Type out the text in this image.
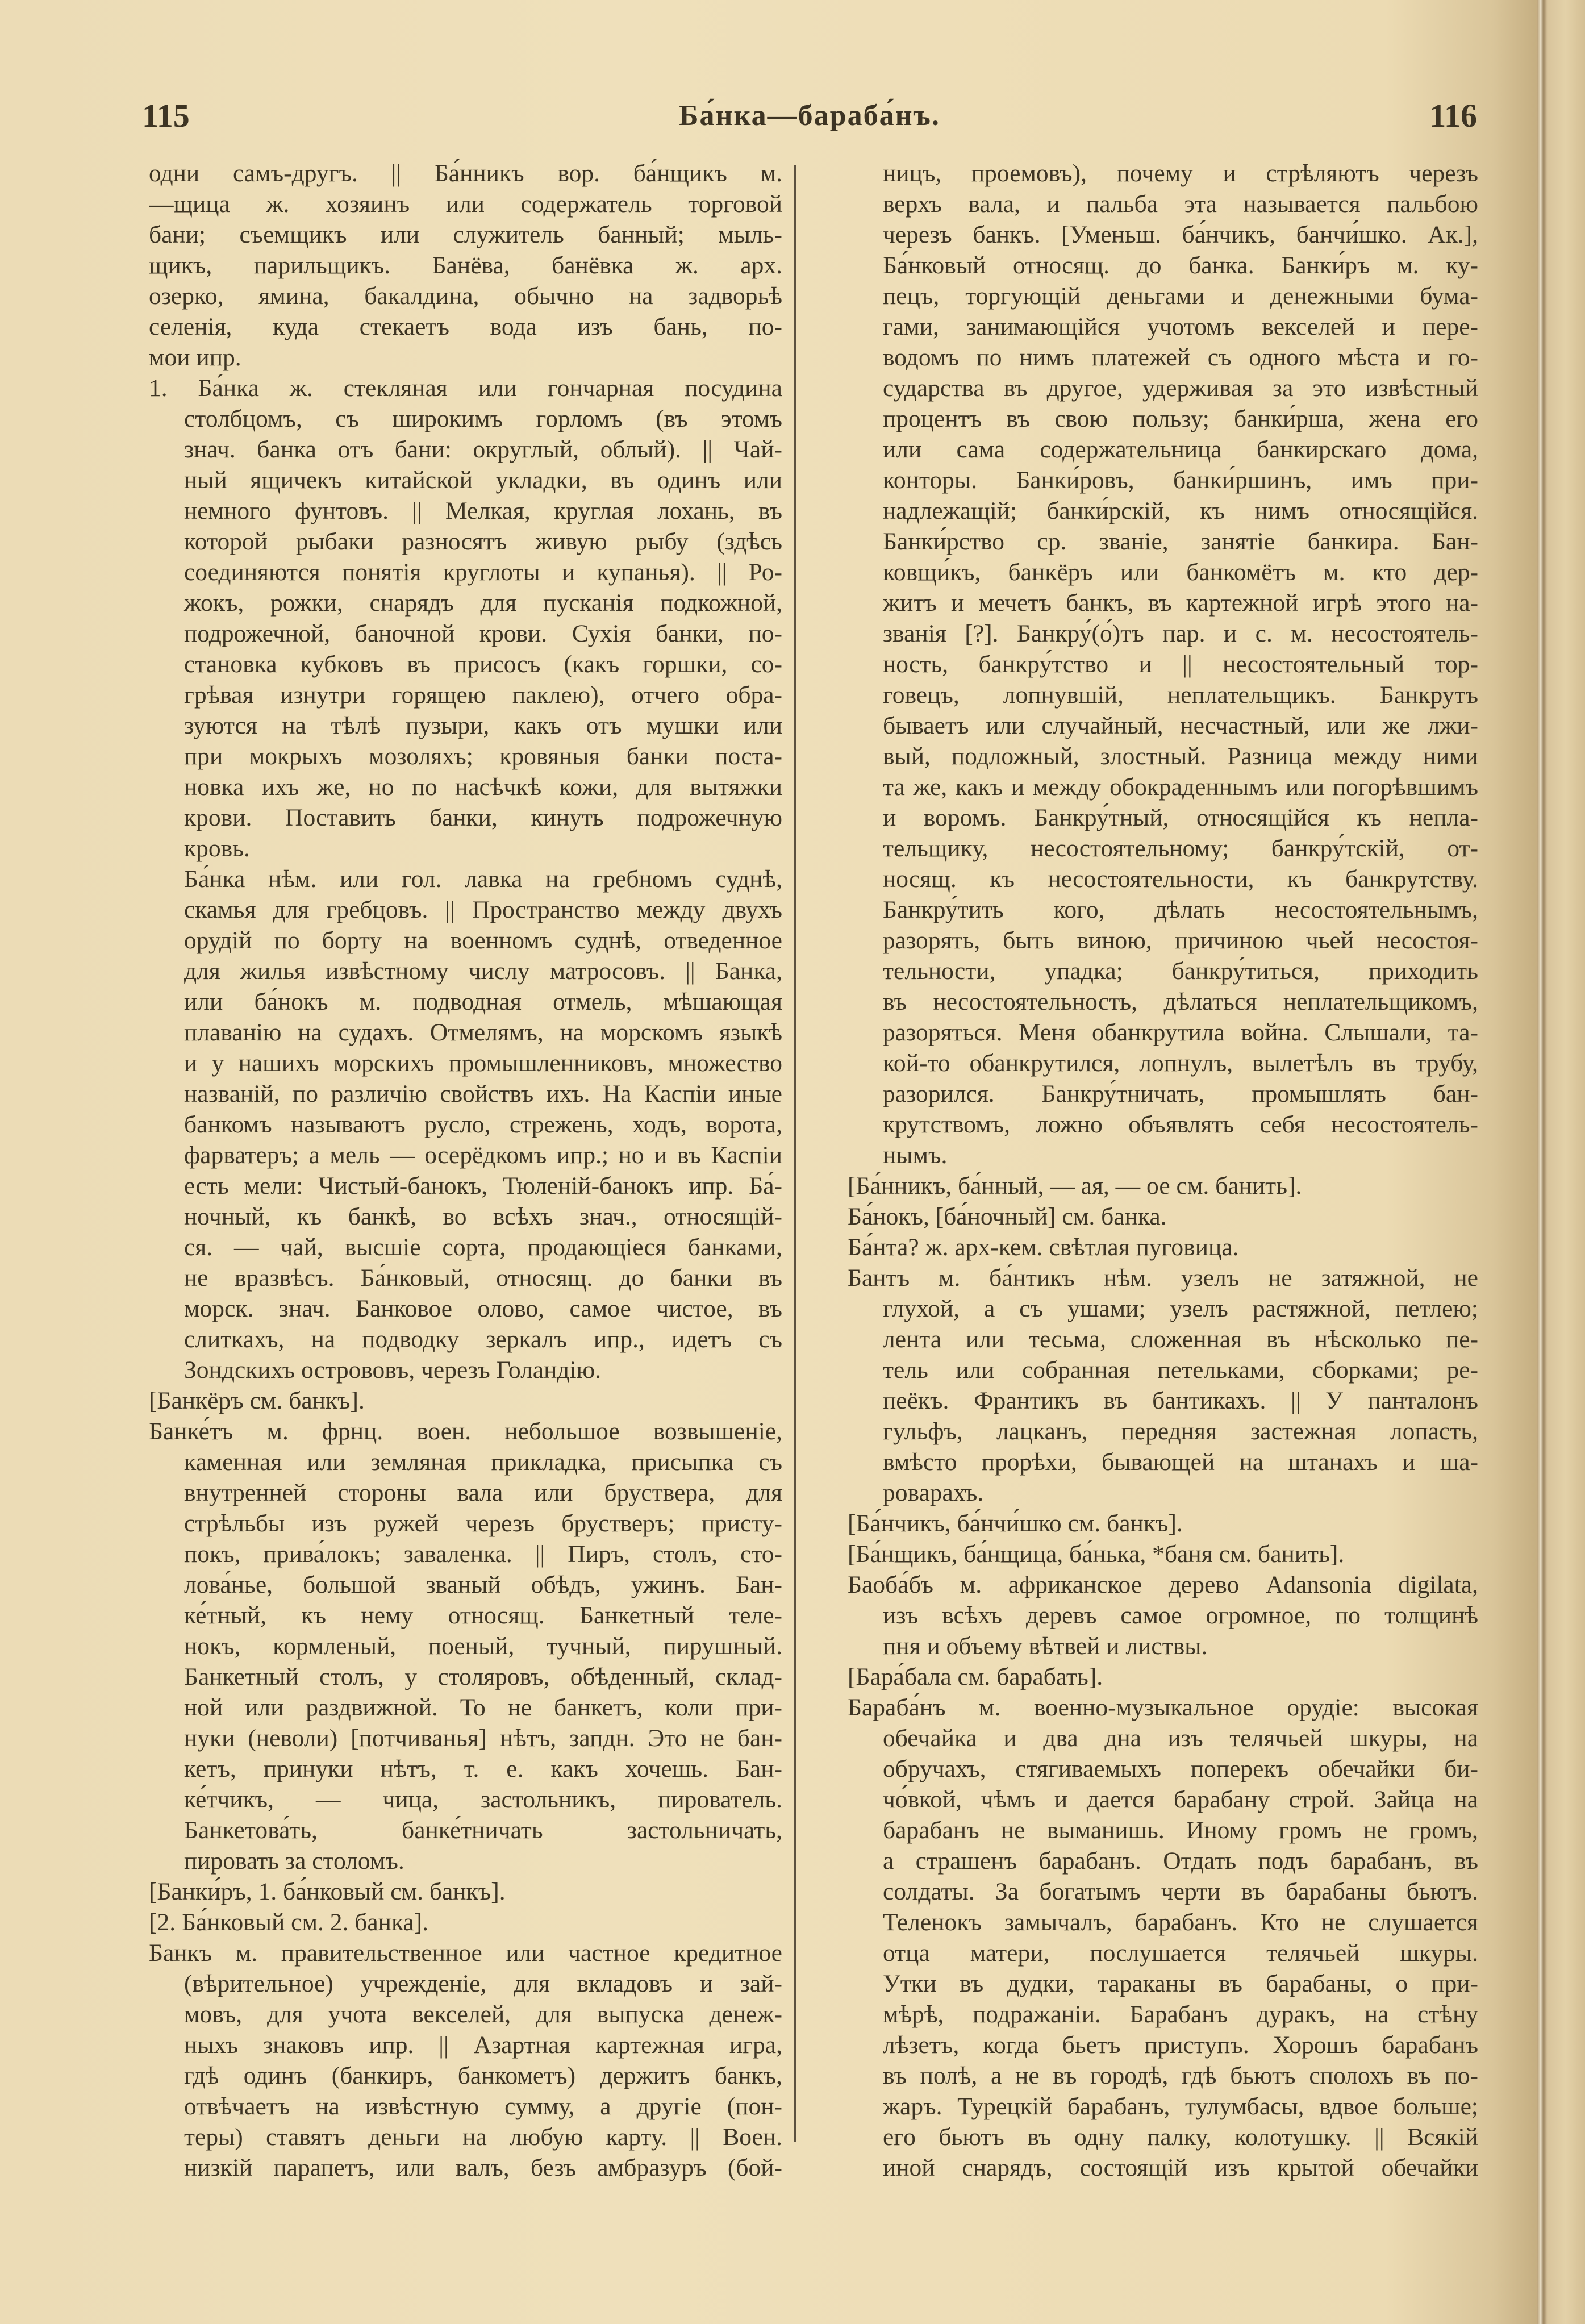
115	Ба́нка—бараба́нъ.	116
одни самъ-другъ. || Ба́нникъ вор. ба́нщикъ м.
—щица ж. хозяинъ или содержатель торговой
бани; съемщикъ или служитель банный; мыль-
щикъ, парильщикъ. Банёва, банёвка ж. арх.
озерко, ямина, бакалдина, обычно на задворьѣ
селенія, куда стекаетъ вода изъ бань, по-
мои ипр.
1. Ба́нка ж. стекляная или гончарная посудина
столбцомъ, съ широкимъ горломъ (въ этомъ
знач. банка отъ бани: округлый, облый). || Чай-
ный ящичекъ китайской укладки, въ одинъ или
немного фунтовъ. || Мелкая, круглая лохань, въ
которой рыбаки разносятъ живую рыбу (здѣсь
соединяются понятія круглоты и купанья). || Ро-
жокъ, рожки, снарядъ для пусканія подкожной,
подрожечной, баночной крови. Сухія банки, по-
становка кубковъ въ присосъ (какъ горшки, со-
грѣвая изнутри горящею паклею), отчего обра-
зуются на тѣлѣ пузыри, какъ отъ мушки или
при мокрыхъ мозоляхъ; кровяныя банки поста-
новка ихъ же, но по насѣчкѣ кожи, для вытяжки
крови. Поставить банки, кинуть подрожечную
кровь.
Ба́нка нѣм. или гол. лавка на гребномъ суднѣ,
скамья для гребцовъ. || Пространство между двухъ
орудій по борту на военномъ суднѣ, отведенное
для жилья извѣстному числу матросовъ. || Банка,
или ба́нокъ м. подводная отмель, мѣшающая
плаванію на судахъ. Отмелямъ, на морскомъ языкѣ
и у нашихъ морскихъ промышленниковъ, множество
названій, по различію свойствъ ихъ. На Каспіи иные
банкомъ называютъ русло, стрежень, ходъ, ворота,
фарватеръ; а мель — осерёдкомъ ипр.; но и въ Каспіи
есть мели: Чистый-банокъ, Тюленій-банокъ ипр. Ба́-
ночный, къ банкѣ, во всѣхъ знач., относящій-
ся. — чай, высшіе сорта, продающіеся банками,
не вразвѣсъ. Ба́нковый, относящ. до банки въ
морск. знач. Банковое олово, самое чистое, въ
слиткахъ, на подводку зеркалъ ипр., идетъ съ
Зондскихъ острововъ, черезъ Голандію.
[Банкёръ см. банкъ].
Банке́тъ м. фрнц. воен. небольшое возвышеніе,
каменная или земляная прикладка, присыпка съ
внутренней стороны вала или бруствера, для
стрѣльбы изъ ружей черезъ брустверъ; присту-
покъ, прива́локъ; заваленка. || Пиръ, столъ, сто-
лова́нье, большой званый обѣдъ, ужинъ. Бан-
ке́тный, къ нему относящ. Банкетный теле-
нокъ, кормленый, поеный, тучный, пирушный.
Банкетный столъ, у столяровъ, обѣденный, склад-
ной или раздвижной. То не банкетъ, коли при-
нуки (неволи) [потчиванья] нѣтъ, запдн. Это не бан-
кетъ, принуки нѣтъ, т. е. какъ хочешь. Бан-
ке́тчикъ, — чица, застольникъ, пирователь.
Банкетова́ть, банке́тничать застольничать,
пировать за столомъ.
[Банки́ръ, 1. ба́нковый см. банкъ].
[2. Ба́нковый см. 2. банка].
Банкъ м. правительственное или частное кредитное
(вѣрительное) учрежденіе, для вкладовъ и зай-
мовъ, для учота векселей, для выпуска денеж-
ныхъ знаковъ ипр. || Азартная картежная игра,
гдѣ одинъ (банкиръ, банкометъ) держитъ банкъ,
отвѣчаетъ на извѣстную сумму, а другіе (пон-
теры) ставятъ деньги на любую карту. || Воен.
низкій парапетъ, или валъ, безъ амбразуръ (бой-
ницъ, проемовъ), почему и стрѣляютъ черезъ
верхъ вала, и пальба эта называется пальбою
черезъ банкъ. [Уменьш. ба́нчикъ, банчи́шко. Ак.],
Ба́нковый относящ. до банка. Банки́ръ м. ку-
пецъ, торгующій деньгами и денежными бума-
гами, занимающійся учотомъ векселей и пере-
водомъ по нимъ платежей съ одного мѣста и го-
сударства въ другое, удерживая за это извѣстный
процентъ въ свою пользу; банки́рша, жена его
или сама содержательница банкирскаго дома,
конторы. Банки́ровъ, банки́ршинъ, имъ при-
надлежащій; банки́рскій, къ нимъ относящійся.
Банки́рство ср. званіе, занятіе банкира. Бан-
ковщи́къ, банкёръ или банкомётъ м. кто дер-
житъ и мечетъ банкъ, въ картежной игрѣ этого на-
званія [?]. Банкру́(о́)тъ пар. и с. м. несостоятель-
ность, банкру́тство и || несостоятельный тор-
говецъ, лопнувшій, неплательщикъ. Банкрутъ
бываетъ или случайный, несчастный, или же лжи-
вый, подложный, злостный. Разница между ними
та же, какъ и между обокраденнымъ или погорѣвшимъ
и воромъ. Банкру́тный, относящійся къ непла-
тельщику, несостоятельному; банкру́тскій, от-
носящ. къ несостоятельности, къ банкрутству.
Банкру́тить кого, дѣлать несостоятельнымъ,
разорять, быть виною, причиною чьей несостоя-
тельности, упадка; банкру́титься, приходить
въ несостоятельность, дѣлаться неплательщикомъ,
разоряться. Меня обанкрутила война. Слышали, та-
кой-то обанкрутился, лопнулъ, вылетѣлъ въ трубу,
разорился. Банкру́тничать, промышлять бан-
крутствомъ, ложно объявлять себя несостоятель-
нымъ.
[Ба́нникъ, ба́нный, — ая, — ое см. банить].
Ба́нокъ, [ба́ночный] см. банка.
Ба́нта? ж. арх-кем. свѣтлая пуговица.
Бантъ м. ба́нтикъ нѣм. узелъ не затяжной, не
глухой, а съ ушами; узелъ растяжной, петлею;
лента или тесьма, сложенная въ нѣсколько пе-
тель или собранная петельками, сборками; ре-
пеёкъ. Франтикъ въ бантикахъ. || У панталонъ
гульфъ, лацканъ, передняя застежная лопасть,
вмѣсто прорѣхи, бывающей на штанахъ и ша-
роварахъ.
[Ба́нчикъ, ба́нчи́шко см. банкъ].
[Ба́нщикъ, ба́нщица, ба́нька, *баня см. банить].
Баоба́бъ м. африканское дерево Adansonia digilata,
изъ всѣхъ деревъ самое огромное, по толщинѣ
пня и объему вѣтвей и листвы.
[Бара́бала см. барабать].
Бараба́нъ м. военно-музыкальное орудіе: высокая
обечайка и два дна изъ телячьей шкуры, на
обручахъ, стягиваемыхъ поперекъ обечайки би-
чо́вкой, чѣмъ и дается барабану строй. Зайца на
барабанъ не выманишь. Иному громъ не громъ,
а страшенъ барабанъ. Отдать подъ барабанъ, въ
солдаты. За богатымъ черти въ барабаны бьютъ.
Теленокъ замычалъ, барабанъ. Кто не слушается
отца матери, послушается телячьей шкуры.
Утки въ дудки, тараканы въ барабаны, о при-
мѣрѣ, подражаніи. Барабанъ дуракъ, на стѣну
лѣзетъ, когда бьетъ приступъ. Хорошъ барабанъ
въ полѣ, а не въ городѣ, гдѣ бьютъ сполохъ въ по-
жаръ. Турецкій барабанъ, тулумбасы, вдвое больше;
его бьютъ въ одну палку, колотушку. || Всякій
иной снарядъ, состоящій изъ крытой обечайки
